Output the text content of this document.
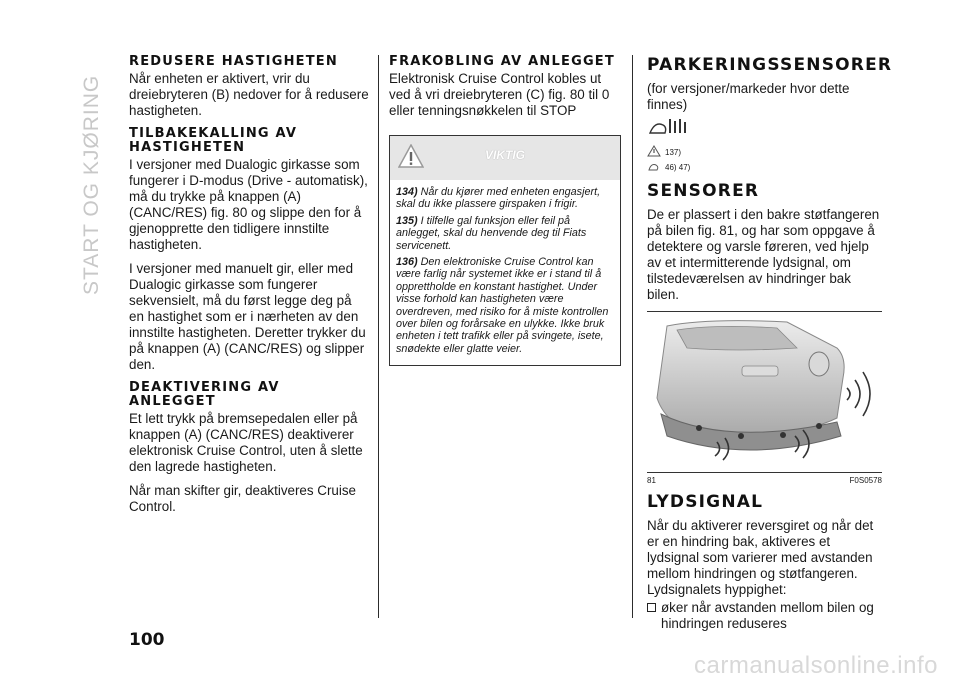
START OG KJØRING
REDUSERE HASTIGHETEN

Når enheten er aktivert, vrir du dreiebryteren (B) nedover for å redusere hastigheten.

TILBAKEKALLING AV HASTIGHETEN

I versjoner med Dualogic girkasse som fungerer i D-modus (Drive - automatisk), må du trykke på knappen (A) (CANC/RES) fig. 80 og slippe den for å gjenopprette den tidligere innstilte hastigheten.

I versjoner med manuelt gir, eller med Dualogic girkasse som fungerer sekvensielt, må du først legge deg på en hastighet som er i nærheten av den innstilte hastigheten. Deretter trykker du på knappen (A) (CANC/RES) og slipper den.

DEAKTIVERING AV ANLEGGET

Et lett trykk på bremsepedalen eller på knappen (A) (CANC/RES) deaktiverer elektronisk Cruise Control, uten å slette den lagrede hastigheten.

Når man skifter gir, deaktiveres Cruise Control.

FRAKOBLING AV ANLEGGET

Elektronisk Cruise Control kobles ut ved å vri dreiebryteren (C) fig. 80 til 0 eller tenningsnøkkelen til STOP

VIKTIG
134) Når du kjører med enheten engasjert, skal du ikke plassere girspaken i frigir.
135) I tilfelle gal funksjon eller feil på anlegget, skal du henvende deg til Fiats servicenett.
136) Den elektroniske Cruise Control kan være farlig når systemet ikke er i stand til å opprettholde en konstant hastighet. Under visse forhold kan hastigheten være overdreven, med risiko for å miste kontrollen over bilen og forårsake en ulykke. Ikke bruk enheten i tett trafikk eller på svingete, isete, snødekte eller glatte veier.
PARKERINGSSENSORER

(for versjoner/markeder hvor dette finnes)

137)
46) 47)
SENSORER

De er plassert i den bakre støtfangeren på bilen fig. 81, og har som oppgave å detektere og varsle føreren, ved hjelp av et intermitterende lydsignal, om tilstedeværelsen av hindringer bak bilen.

81	F0S0578
LYDSIGNAL

Når du aktiverer reversgiret og når det er en hindring bak, aktiveres et lydsignal som varierer med avstanden mellom hindringen og støtfangeren. Lydsignalets hyppighet:

øker når avstanden mellom bilen og hindringen reduseres

100
carmanualsonline.info
